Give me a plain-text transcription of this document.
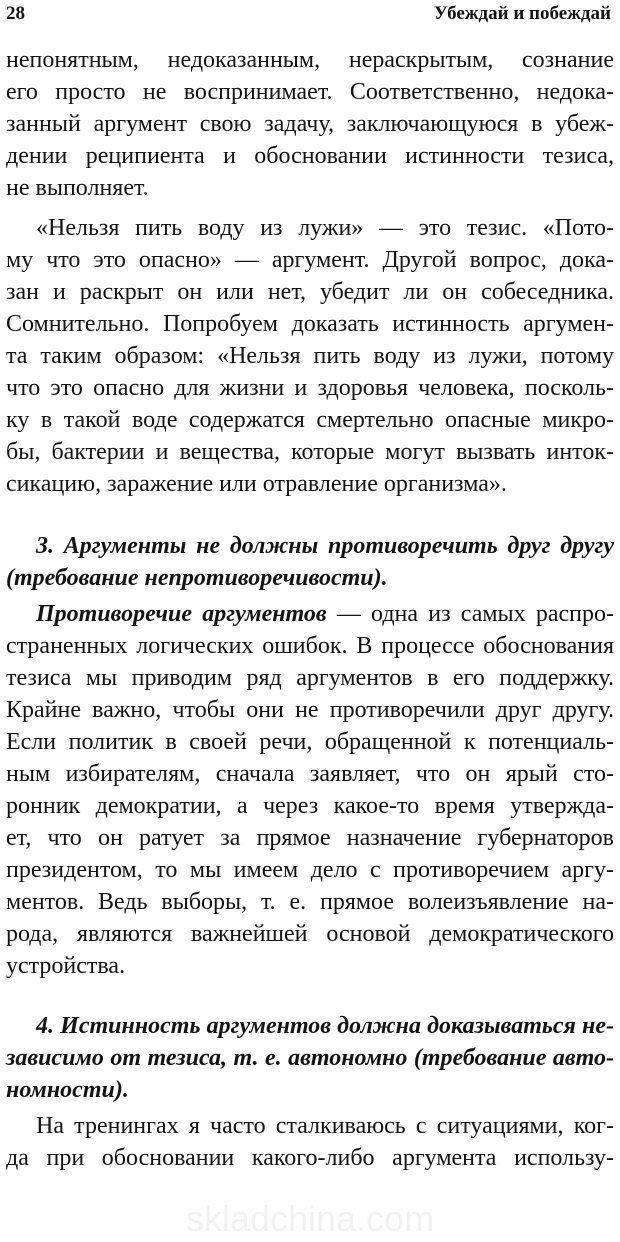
28	Убеждай и побеждай
непонятным, недоказанным, нераскрытым, сознание
его просто не воспринимает. Соответственно, недока-
занный аргумент свою задачу, заключающуюся в убеж-
дении реципиента и обосновании истинности тезиса,
не выполняет.
«Нельзя пить воду из лужи» — это тезис. «Пото-
му что это опасно» — аргумент. Другой вопрос, дока-
зан и раскрыт он или нет, убедит ли он собеседника.
Сомнительно. Попробуем доказать истинность аргумен-
та таким образом: «Нельзя пить воду из лужи, потому
что это опасно для жизни и здоровья человека, посколь-
ку в такой воде содержатся смертельно опасные микро-
бы, бактерии и вещества, которые могут вызвать инток-
сикацию, заражение или отравление организма».
3. Аргументы не должны противоречить друг другу
(требование непротиворечивости).
Противоречие аргументов — одна из самых распро-
страненных логических ошибок. В процессе обоснования
тезиса мы приводим ряд аргументов в его поддержку.
Крайне важно, чтобы они не противоречили друг другу.
Если политик в своей речи, обращенной к потенциаль-
ным избирателям, сначала заявляет, что он ярый сто-
ронник демократии, а через какое-то время утвержда-
ет, что он ратует за прямое назначение губернаторов
президентом, то мы имеем дело с противоречием аргу-
ментов. Ведь выборы, т. е. прямое волеизъявление на-
рода, являются важнейшей основой демократического
устройства.
4. Истинность аргументов должна доказываться не-
зависимо от тезиса, т. е. автономно (требование авто-
номности).
На тренингах я часто сталкиваюсь с ситуациями, ког-
да при обосновании какого-либо аргумента использу-
skladchina.com
